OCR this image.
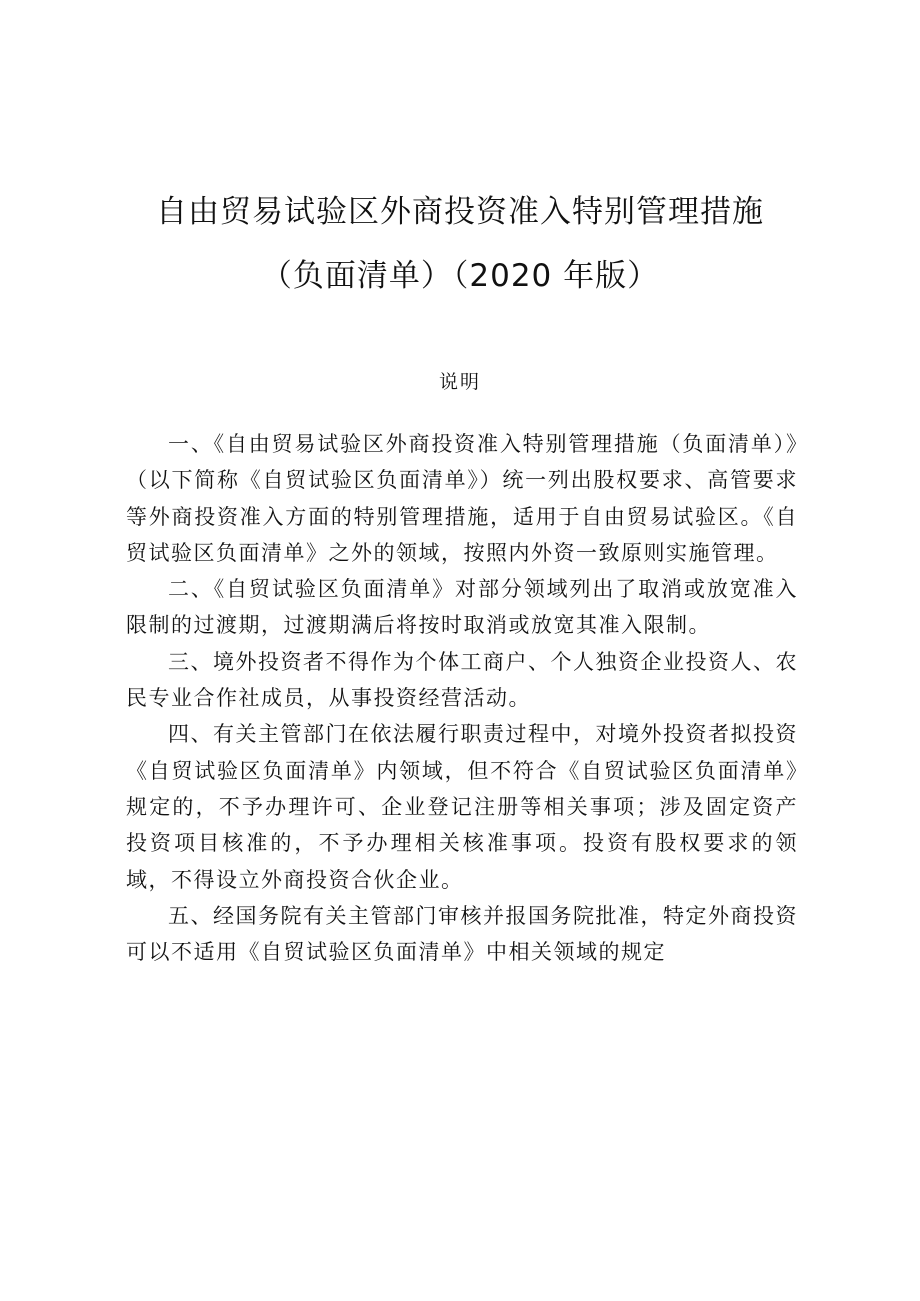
自由贸易试验区外商投资准入特别管理措施
（负面清单）（2020 年版）
说明

一、《自由贸易试验区外商投资准入特别管理措施（负面清单）》（以下简称《自贸试验区负面清单》）统一列出股权要求、高管要求等外商投资准入方面的特别管理措施，适用于自由贸易试验区。《自贸试验区负面清单》之外的领域，按照内外资一致原则实施管理。

二、《自贸试验区负面清单》对部分领域列出了取消或放宽准入限制的过渡期，过渡期满后将按时取消或放宽其准入限制。

三、境外投资者不得作为个体工商户、个人独资企业投资人、农民专业合作社成员，从事投资经营活动。

四、有关主管部门在依法履行职责过程中，对境外投资者拟投资《自贸试验区负面清单》内领域，但不符合《自贸试验区负面清单》规定的，不予办理许可、企业登记注册等相关事项；涉及固定资产投资项目核准的，不予办理相关核准事项。投资有股权要求的领域，不得设立外商投资合伙企业。

五、经国务院有关主管部门审核并报国务院批准，特定外商投资可以不适用《自贸试验区负面清单》中相关领域的规定
